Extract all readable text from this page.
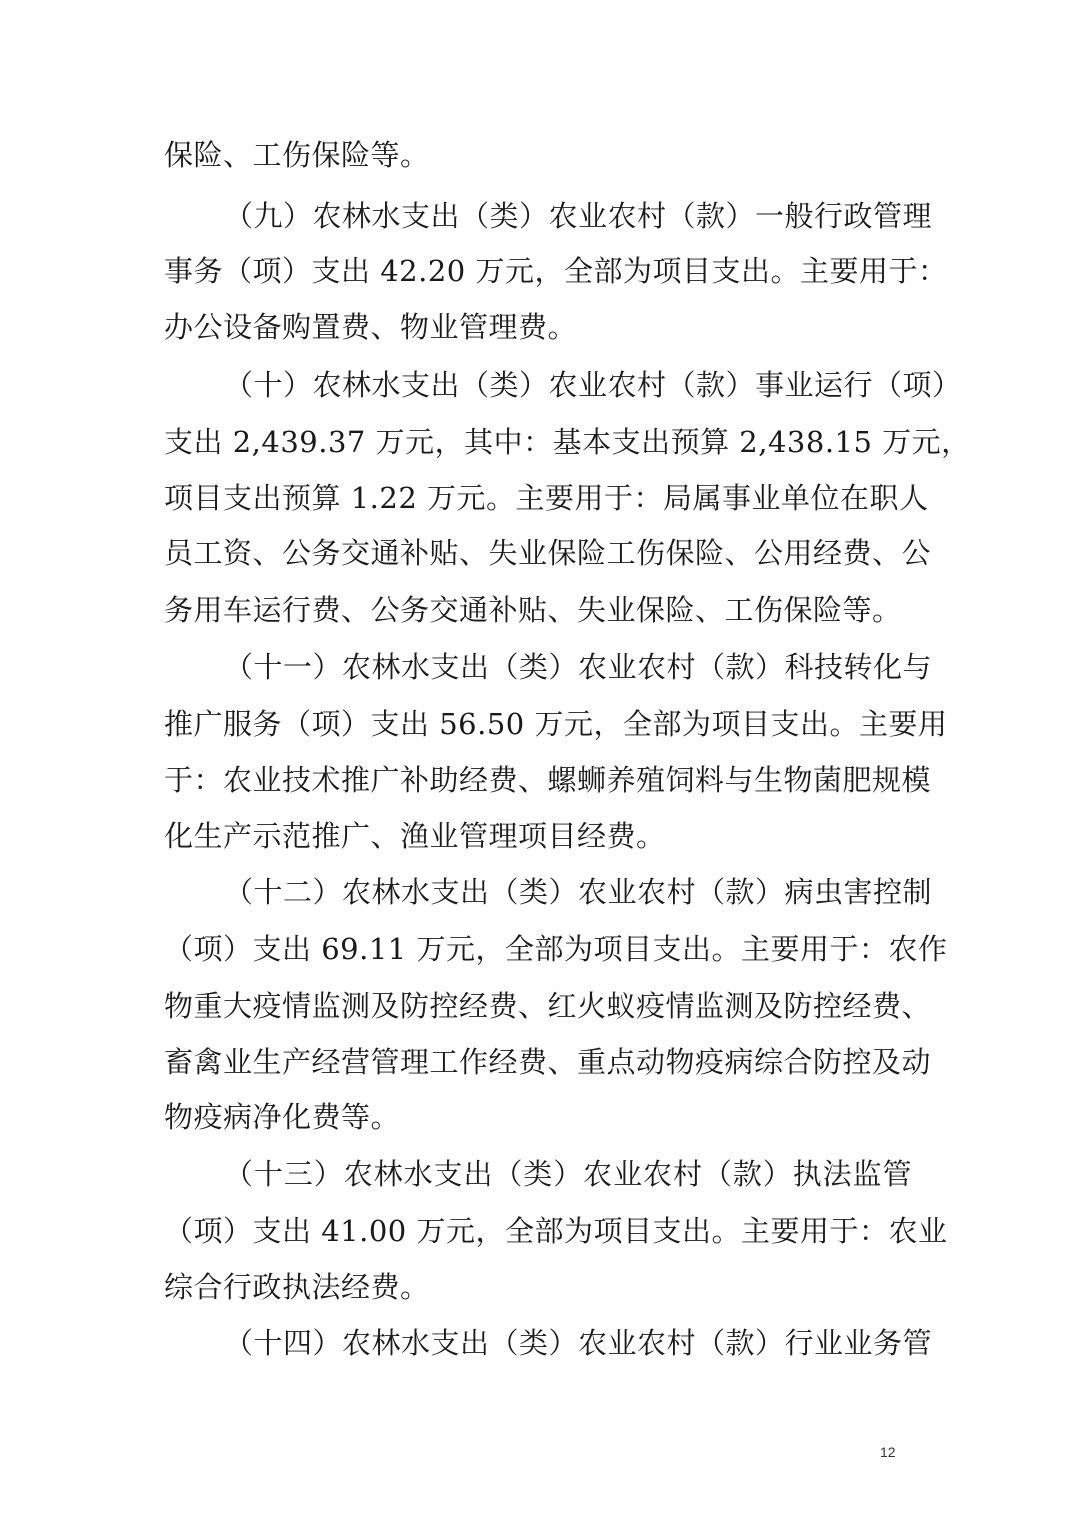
保险、工伤保险等。
（九）农林水支出（类）农业农村（款）一般行政管理
事务（项）支出 42.20 万元，全部为项目支出。主要用于：
办公设备购置费、物业管理费。
（十）农林水支出（类）农业农村（款）事业运行（项）
支出 2,439.37 万元，其中：基本支出预算 2,438.15 万元，
项目支出预算 1.22 万元。主要用于：局属事业单位在职人
员工资、公务交通补贴、失业保险工伤保险、公用经费、公
务用车运行费、公务交通补贴、失业保险、工伤保险等。
（十一）农林水支出（类）农业农村（款）科技转化与
推广服务（项）支出 56.50 万元，全部为项目支出。主要用
于：农业技术推广补助经费、螺蛳养殖饲料与生物菌肥规模
化生产示范推广、渔业管理项目经费。
（十二）农林水支出（类）农业农村（款）病虫害控制
（项）支出 69.11 万元，全部为项目支出。主要用于：农作
物重大疫情监测及防控经费、红火蚁疫情监测及防控经费、
畜禽业生产经营管理工作经费、重点动物疫病综合防控及动
物疫病净化费等。
（十三）农林水支出（类）农业农村（款）执法监管
（项）支出 41.00 万元，全部为项目支出。主要用于：农业
综合行政执法经费。
（十四）农林水支出（类）农业农村（款）行业业务管
12
